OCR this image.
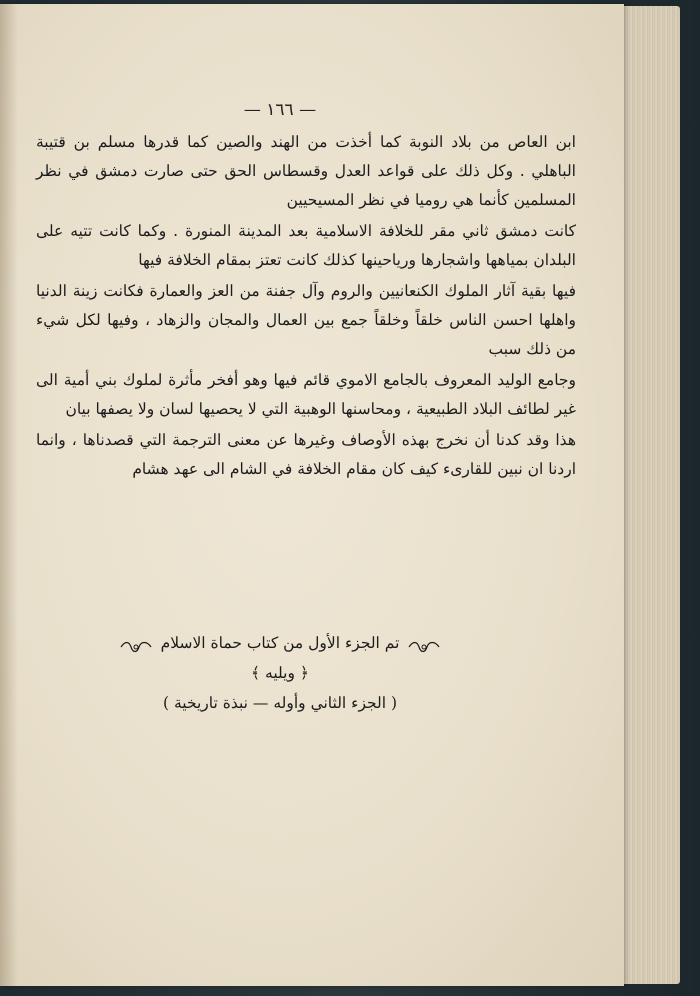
— ١٦٦ —

ابن العاص من بلاد النوبة كما أخذت من الهند والصين كما قدرها مسلم بن قتيبة الباهلي . وكل ذلك على قواعد العدل وقسطاس الحق حتى صارت دمشق في نظر المسلمين كأنما هي روميا في نظر المسيحيين

كانت دمشق ثاني مقر للخلافة الاسلامية بعد المدينة المنورة . وكما كانت تتيه على البلدان بمياهها واشجارها ورياحينها كذلك كانت تعتز بمقام الخلافة فيها

فيها بقية آثار الملوك الكنعانيين والروم وآل جفنة من العز والعمارة فكانت زينة الدنيا واهلها احسن الناس خلقاً وخلقاً جمع بين العمال والمجان والزهاد ، وفيها لكل شيء من ذلك سبب

وجامع الوليد المعروف بالجامع الاموي قائم فيها وهو أفخر مأثرة لملوك بني أمية الى غير لطائف البلاد الطبيعية ، ومحاسنها الوهبية التي لا يحصيها لسان ولا يصفها بيان

هذا وقد كدنا أن نخرج بهذه الأوصاف وغيرها عن معنى الترجمة التي قصدناها ، وانما اردنا ان نبين للقارىء كيف كان مقام الخلافة في الشام الى عهد هشام

تم الجزء الأول من كتاب حماة الاسلام
﴿ ويليه ﴾
( الجزء الثاني وأوله — نبذة تاريخية )
